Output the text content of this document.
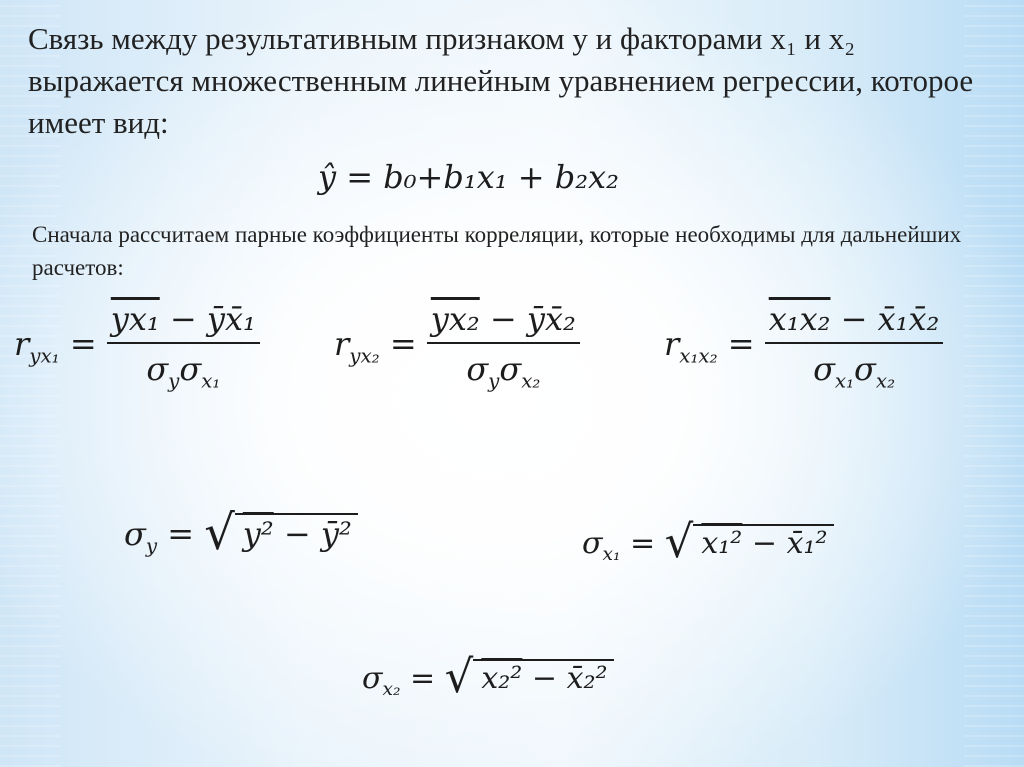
Связь между результативным признаком y и факторами x₁ и x₂ выражается множественным линейным уравнением регрессии, которое имеет вид:
ŷ = b₀+b₁x₁ + b₂x₂
Сначала рассчитаем парные коэффициенты корреляции, которые необходимы для дальнейших расчетов:
$r_{yx_1} = \frac{\text{yx₁ − ȳx̄₁}}{\sigma_y\sigma_{x_1}} r_{yx_2} = \frac{\text{yx₂ − ȳx̄₂}}{\sigma_y\sigma_{x_2}}$	$r_{x_1x_2} = \frac{\text{x₁x₂ − x̄₁x̄₂}}{\sigma_{x_1}\sigma_{x_2}}$
$\sigma_y$ = √ y² − ȳ²	$\sigma_{x_1}$ = √ x₁² − x̄₁²
$\sigma_{x_2}$ = √ x₂² − x̄₂²
